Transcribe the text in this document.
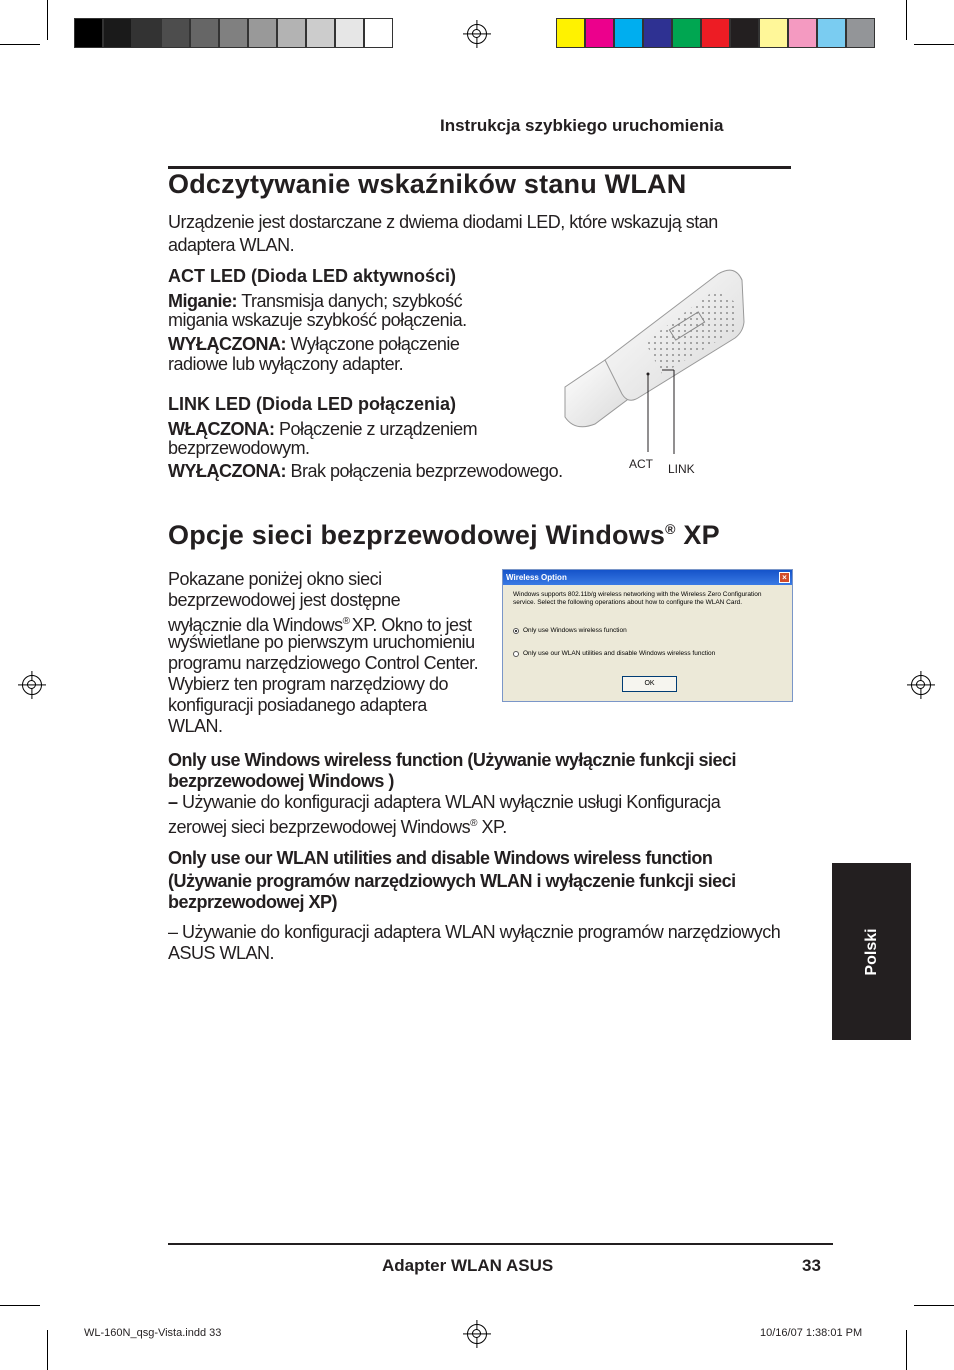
Instrukcja szybkiego uruchomienia
Odczytywanie wskaźników stanu WLAN
Urządzenie jest dostarczane z dwiema diodami LED, które wskazują stan
adaptera WLAN.
ACT LED (Dioda LED aktywności)
Miganie: Transmisja danych; szybkość
migania wskazuje szybkość połączenia.
WYŁĄCZONA: Wyłączone połączenie
radiowe lub wyłączony adapter.
LINK LED (Dioda LED połączenia)
WŁĄCZONA: Połączenie z urządzeniem
bezprzewodowym.
WYŁĄCZONA: Brak połączenia bezprzewodowego.	ACT LINK
Opcje sieci bezprzewodowej Windows® XP
Pokazane poniżej okno sieci
bezprzewodowej jest dostępne
wyłącznie dla Windows® XP. Okno to jest
wyświetlane po pierwszym uruchomieniu
programu narzędziowego Control Center.
Wybierz ten program narzędziowy do
konfiguracji posiadanego adaptera
WLAN.
Wireless Option	×
Windows supports 802.11b/g wireless networking with the Wireless Zero Configuration
service. Select the following operations about how to configure the WLAN Card.
Only use Windows wireless function
Only use our WLAN utilities and disable Windows wireless function
OK
Only use Windows wireless function (Używanie wyłącznie funkcji sieci
bezprzewodowej Windows )
– Używanie do konfiguracji adaptera WLAN wyłącznie usługi Konfiguracja
zerowej sieci bezprzewodowej Windows® XP.
Only use our WLAN utilities and disable Windows wireless function
(Używanie programów narzędziowych WLAN i wyłączenie funkcji sieci
bezprzewodowej XP)
– Używanie do konfiguracji adaptera WLAN wyłącznie programów narzędziowych
ASUS WLAN.	Polski
Adapter WLAN ASUS	33
WL-160N_qsg-Vista.indd 33	10/16/07 1:38:01 PM
